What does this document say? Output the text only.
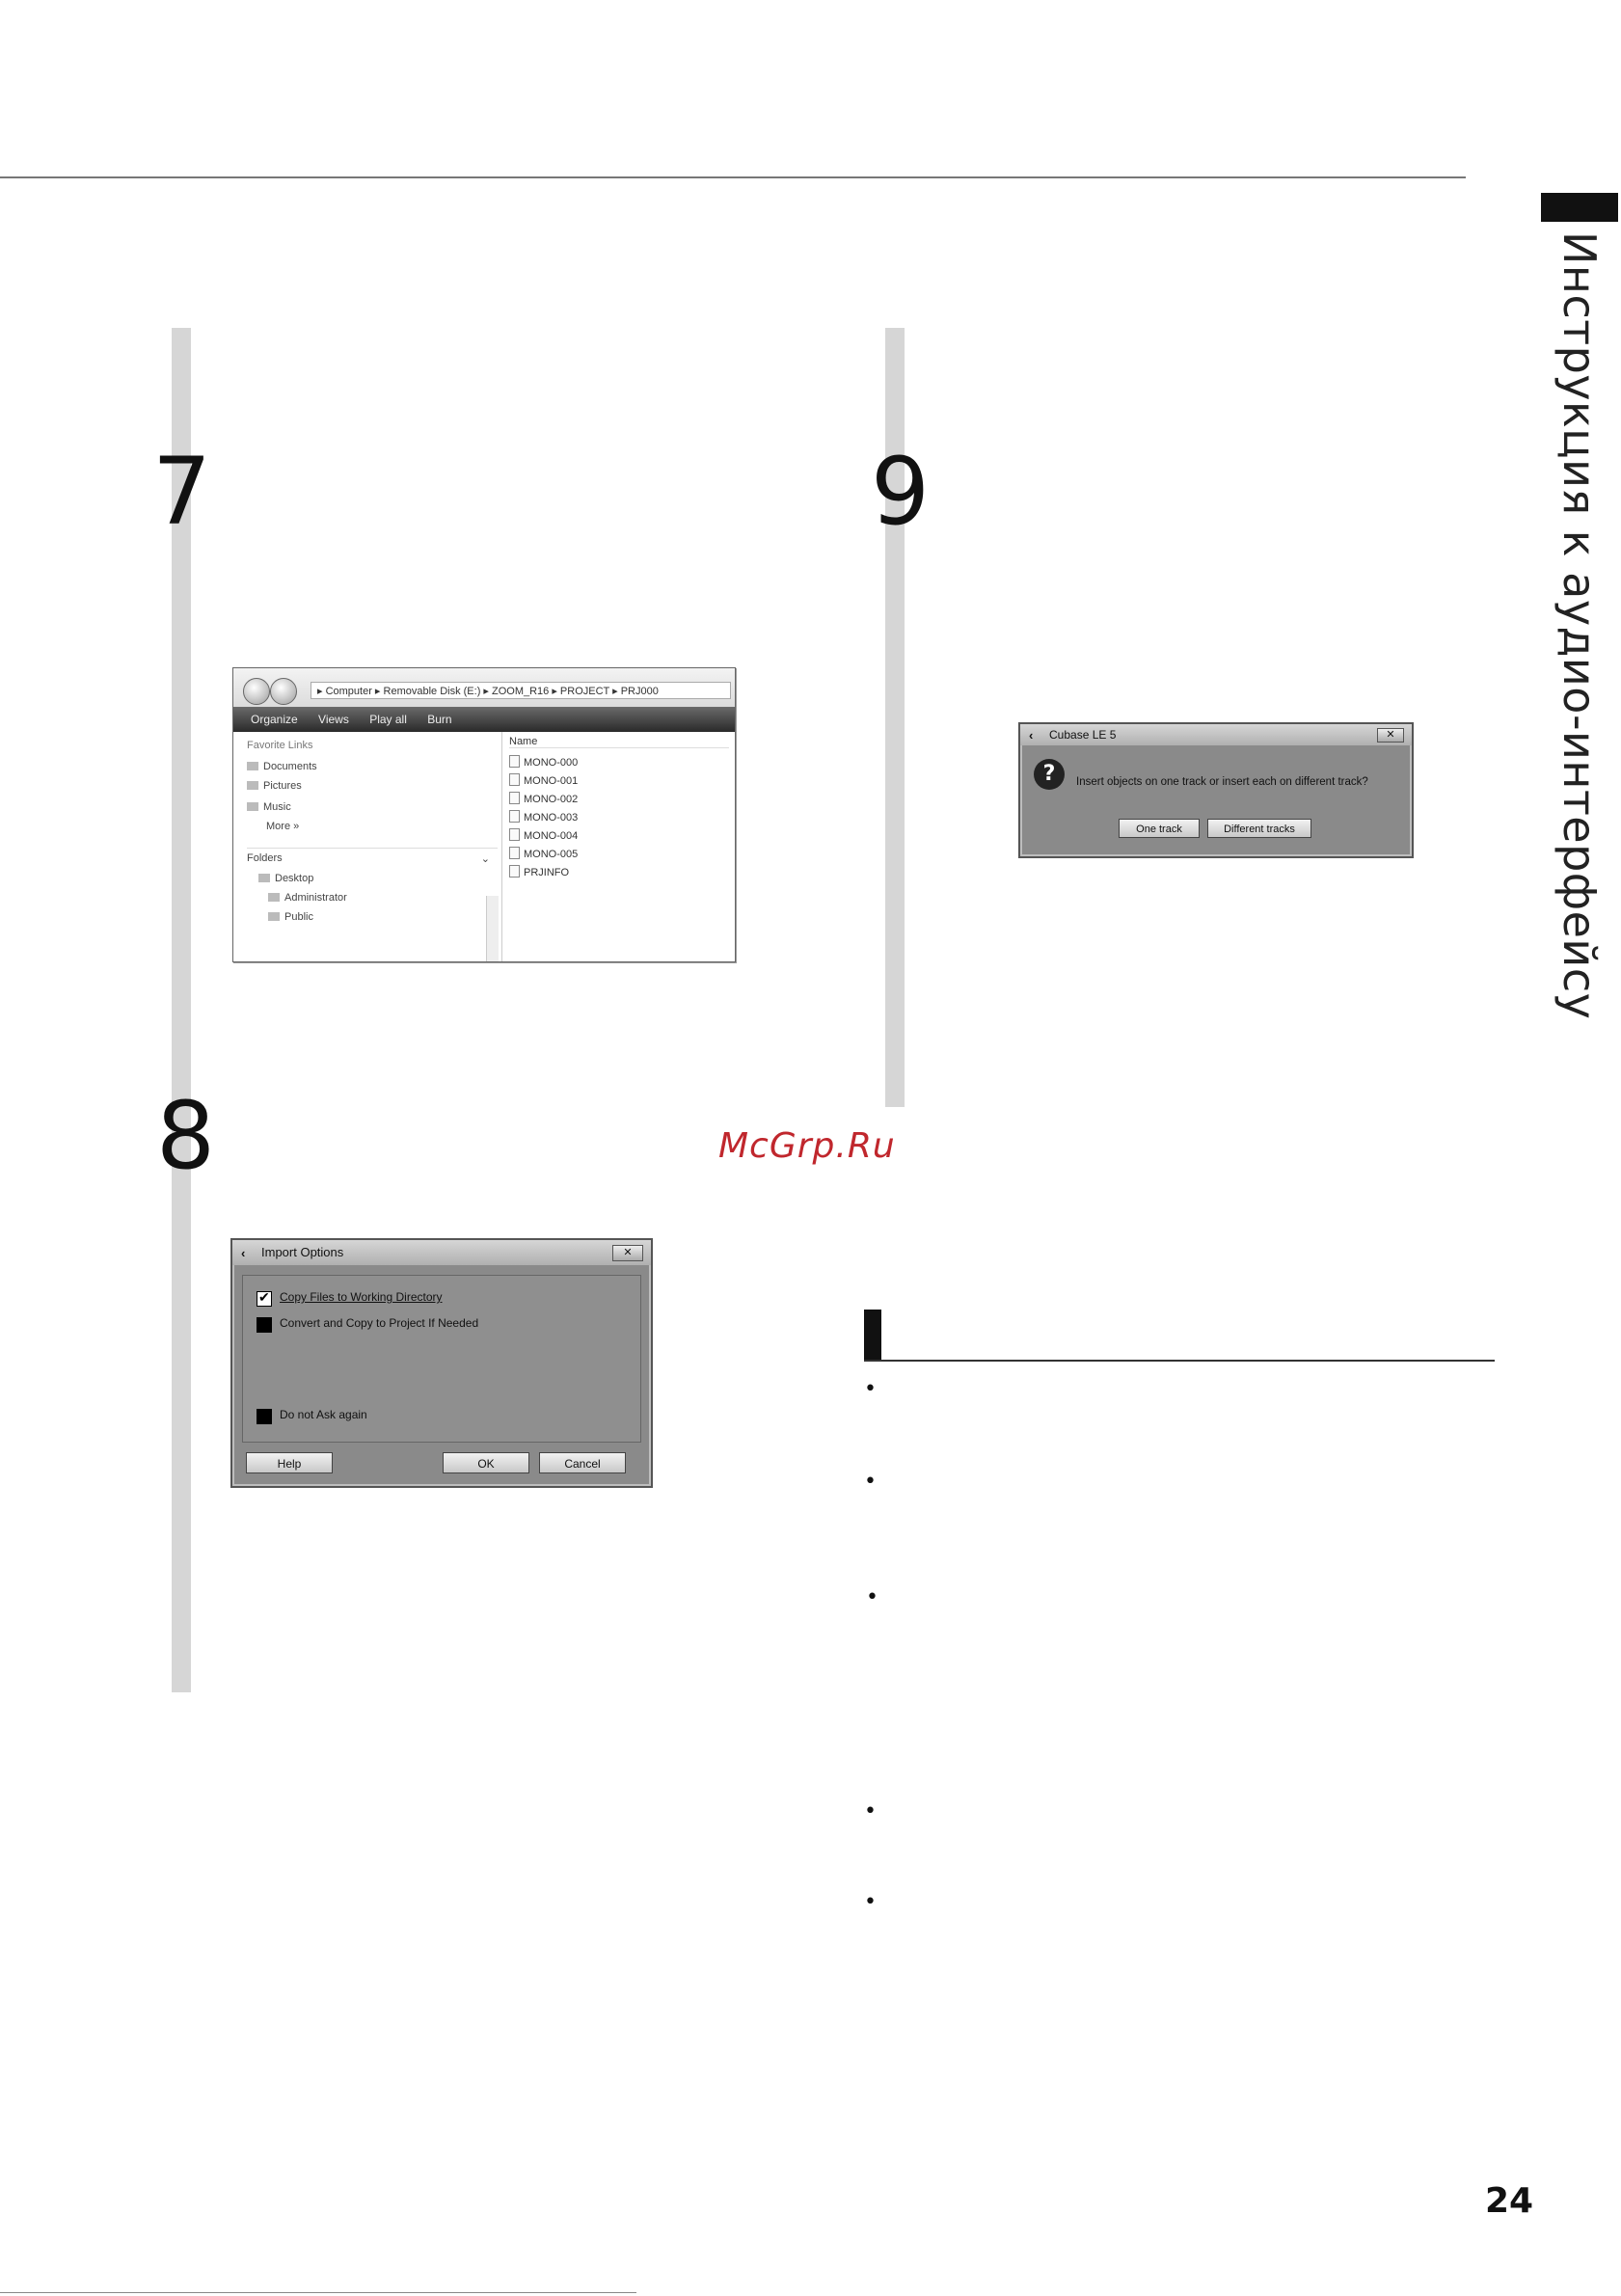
Инструкция к аудио-интерфейсу
7
▸ Computer ▸ Removable Disk (E:) ▸ ZOOM_R16 ▸ PROJECT ▸ PRJ000
Organize Views Play all Burn
Favorite Links
Documents
Pictures
Music
More »
Folders	⌄
Desktop
Administrator
Public
Name
MONO-000
MONO-001
MONO-002
MONO-003
MONO-004
MONO-005
PRJINFO
8
Import Options
‹	✕
✔
Copy Files to Working Directory
Convert and Copy to Project If Needed
Do not Ask again
Help	OK	Cancel
9
Cubase LE 5
‹	✕
?	Insert objects on one track or insert each on different track?
One track	Different tracks
McGrp.Ru
•
•
•
•
•
24
